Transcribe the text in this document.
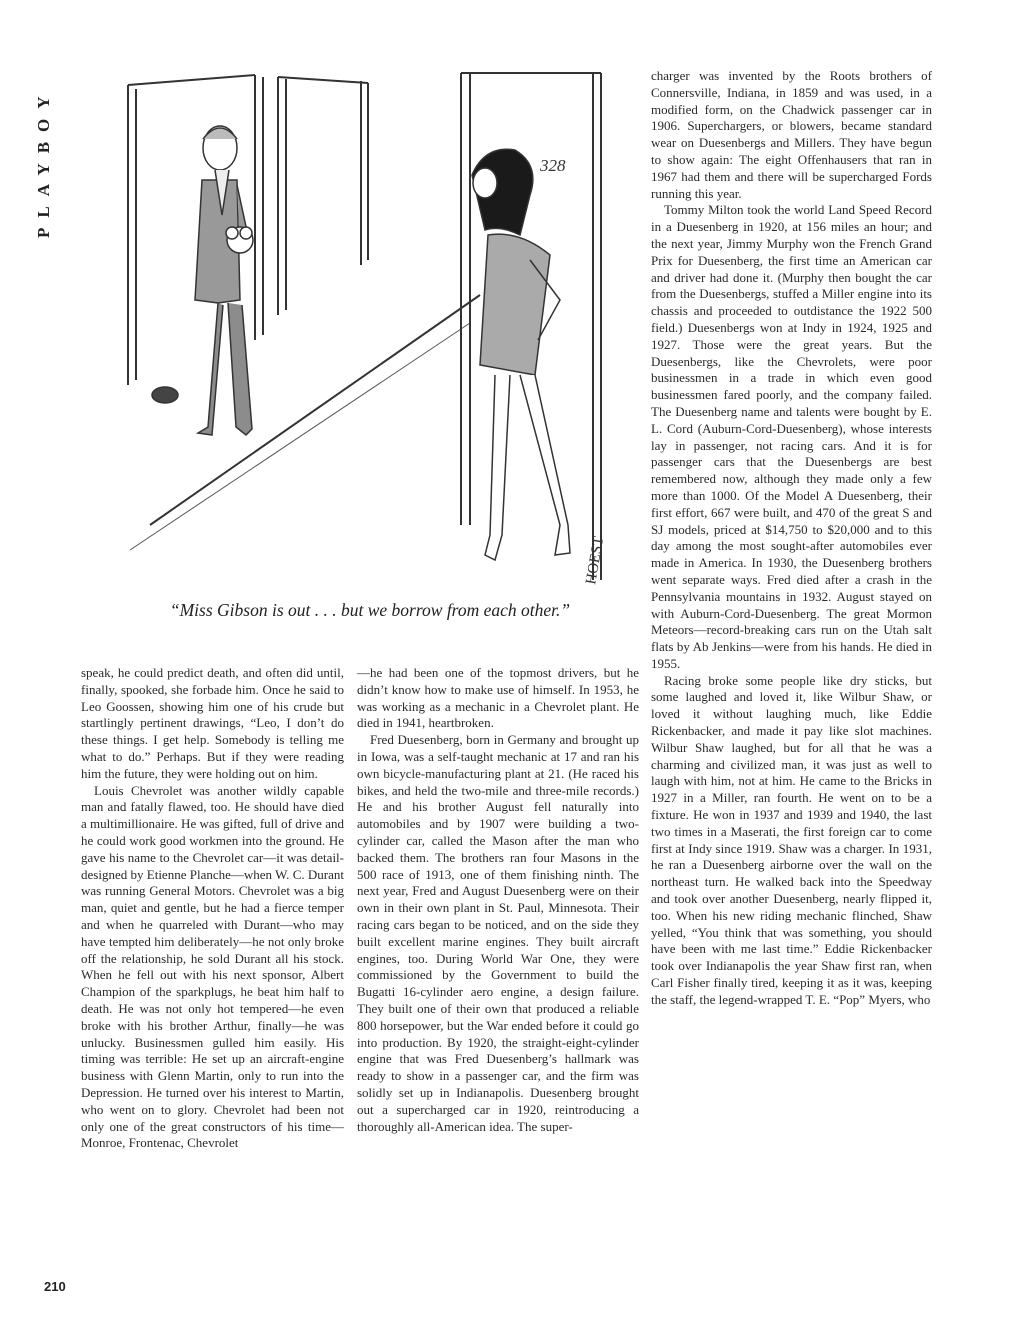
PLAYBOY	328
HOEST
“Miss Gibson is out . . . but we borrow from each other.”

speak, he could predict death, and often did until, finally, spooked, she forbade him. Once he said to Leo Goossen, showing him one of his crude but startlingly pertinent drawings, “Leo, I don’t do these things. I get help. Somebody is telling me what to do.” Perhaps. But if they were reading him the future, they were holding out on him.

Louis Chevrolet was another wildly capable man and fatally flawed, too. He should have died a multimillionaire. He was gifted, full of drive and he could work good workmen into the ground. He gave his name to the Chevrolet car—it was detail-designed by Etienne Planche—when W. C. Durant was running General Motors. Chevrolet was a big man, quiet and gentle, but he had a fierce temper and when he quarreled with Durant—who may have tempted him deliberately—he not only broke off the relationship, he sold Durant all his stock. When he fell out with his next sponsor, Albert Champion of the sparkplugs, he beat him half to death. He was not only hot tempered—he even broke with his brother Arthur, finally—he was unlucky. Businessmen gulled him easily. His timing was terrible: He set up an aircraft-engine business with Glenn Martin, only to run into the Depression. He turned over his interest to Martin, who went on to glory. Chevrolet had been not only one of the great constructors of his time—Monroe, Frontenac, Chevrolet

—he had been one of the topmost drivers, but he didn’t know how to make use of himself. In 1953, he was working as a mechanic in a Chevrolet plant. He died in 1941, heartbroken.

Fred Duesenberg, born in Germany and brought up in Iowa, was a self-taught mechanic at 17 and ran his own bicycle-manufacturing plant at 21. (He raced his bikes, and held the two-mile and three-mile records.) He and his brother August fell naturally into automobiles and by 1907 were building a two-cylinder car, called the Mason after the man who backed them. The brothers ran four Masons in the 500 race of 1913, one of them finishing ninth. The next year, Fred and August Duesenberg were on their own in their own plant in St. Paul, Minnesota. Their racing cars began to be noticed, and on the side they built excellent marine engines. They built aircraft engines, too. During World War One, they were commissioned by the Government to build the Bugatti 16-cylinder aero engine, a design failure. They built one of their own that produced a reliable 800 horsepower, but the War ended before it could go into production. By 1920, the straight-eight-cylinder engine that was Fred Duesenberg’s hallmark was ready to show in a passenger car, and the firm was solidly set up in Indianapolis. Duesenberg brought out a supercharged car in 1920, reintroducing a thoroughly all-American idea. The super-

charger was invented by the Roots brothers of Connersville, Indiana, in 1859 and was used, in a modified form, on the Chadwick passenger car in 1906. Superchargers, or blowers, became standard wear on Duesenbergs and Millers. They have begun to show again: The eight Offenhausers that ran in 1967 had them and there will be supercharged Fords running this year.

Tommy Milton took the world Land Speed Record in a Duesenberg in 1920, at 156 miles an hour; and the next year, Jimmy Murphy won the French Grand Prix for Duesenberg, the first time an American car and driver had done it. (Murphy then bought the car from the Duesenbergs, stuffed a Miller engine into its chassis and proceeded to outdistance the 1922 500 field.) Duesenbergs won at Indy in 1924, 1925 and 1927. Those were the great years. But the Duesenbergs, like the Chevrolets, were poor businessmen in a trade in which even good businessmen fared poorly, and the company failed. The Duesenberg name and talents were bought by E. L. Cord (Auburn-Cord-Duesenberg), whose interests lay in passenger, not racing cars. And it is for passenger cars that the Duesenbergs are best remembered now, although they made only a few more than 1000. Of the Model A Duesenberg, their first effort, 667 were built, and 470 of the great S and SJ models, priced at $14,750 to $20,000 and to this day among the most sought-after automobiles ever made in America. In 1930, the Duesenberg brothers went separate ways. Fred died after a crash in the Pennsylvania mountains in 1932. August stayed on with Auburn-Cord-Duesenberg. The great Mormon Meteors—record-breaking cars run on the Utah salt flats by Ab Jenkins—were from his hands. He died in 1955.

Racing broke some people like dry sticks, but some laughed and loved it, like Wilbur Shaw, or loved it without laughing much, like Eddie Rickenbacker, and made it pay like slot machines. Wilbur Shaw laughed, but for all that he was a charming and civilized man, it was just as well to laugh with him, not at him. He came to the Bricks in 1927 in a Miller, ran fourth. He went on to be a fixture. He won in 1937 and 1939 and 1940, the last two times in a Maserati, the first foreign car to come first at Indy since 1919. Shaw was a charger. In 1931, he ran a Duesenberg airborne over the wall on the northeast turn. He walked back into the Speedway and took over another Duesenberg, nearly flipped it, too. When his new riding mechanic flinched, Shaw yelled, “You think that was something, you should have been with me last time.” Eddie Rickenbacker took over Indianapolis the year Shaw first ran, when Carl Fisher finally tired, keeping it as it was, keeping the staff, the legend-wrapped T. E. “Pop” Myers, who

210
